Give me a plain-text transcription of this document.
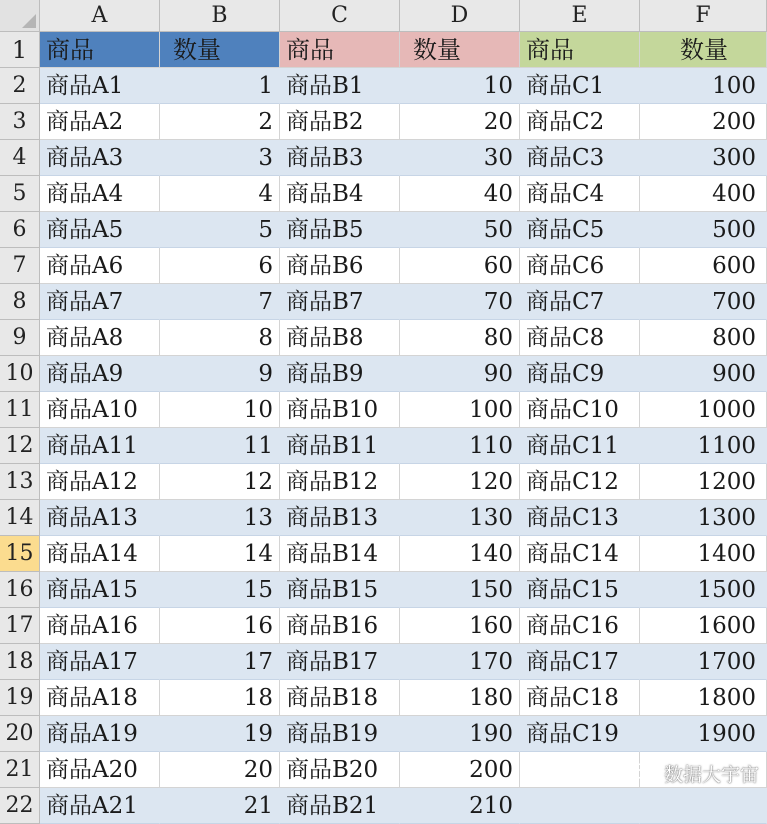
A	B	C	D	E	F
1 商品	数量	商品	数量	商品	数量
2 商品A1	1 商品B1	10 商品C1	100
3 商品A2	2 商品B2	20 商品C2	200
4 商品A3	3 商品B3	30 商品C3	300
5 商品A4	4 商品B4	40 商品C4	400
6 商品A5	5 商品B5	50 商品C5	500
7 商品A6	6 商品B6	60 商品C6	600
8 商品A7	7 商品B7	70 商品C7	700
9 商品A8	8 商品B8	80 商品C8	800
10 商品A9	9 商品B9	90 商品C9	900
11 商品A10	10 商品B10	100 商品C10	1000
12 商品A11	11 商品B11	110 商品C11	1100
13 商品A12	12 商品B12	120 商品C12	1200
14 商品A13	13 商品B13	130 商品C13	1300
15 商品A14	14 商品B14	140 商品C14	1400
16 商品A15	15 商品B15	150 商品C15	1500
17 商品A16	16 商品B16	160 商品C16	1600
18 商品A17	17 商品B17	170 商品C17	1700
19 商品A18	18 商品B18	180 商品C18	1800
20 商品A19	19 商品B19	190 商品C19	1900
21 商品A20	20 商品B20	200
22 商品A21	21 商品B21	210
数据大宇宙
